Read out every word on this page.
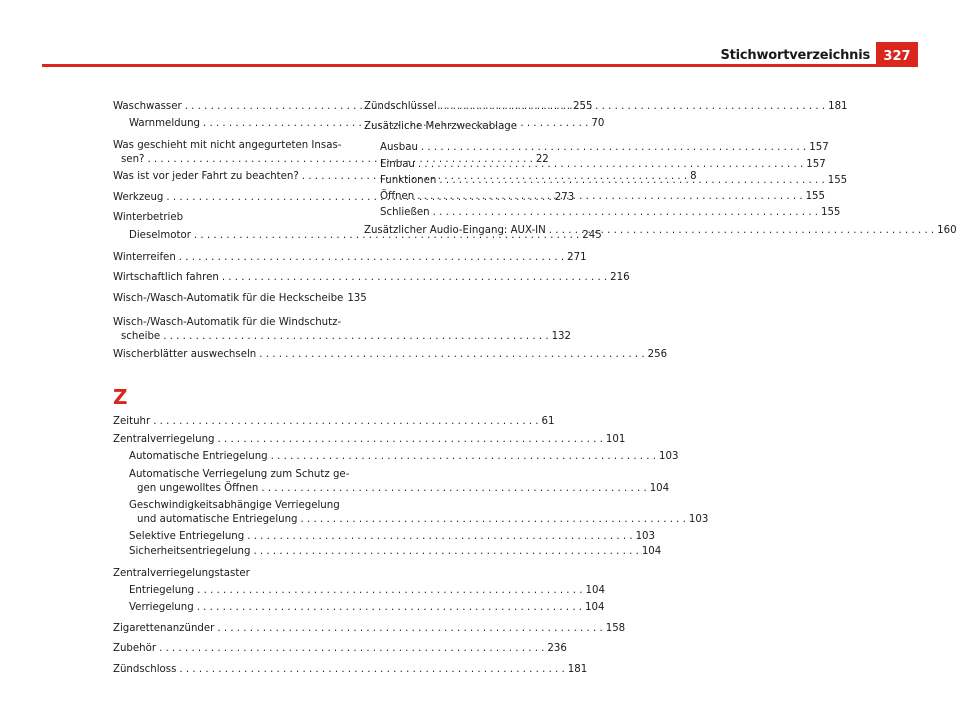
Stichwortverzeichnis	327
Waschwasser . . .	255
Warnmeldung . . .	70
Was geschieht mit nicht angegurteten Insas-
sen? . . .	22
Was ist vor jeder Fahrt zu beachten? . . .	8
Werkzeug . . .	273
Winterbetrieb
Dieselmotor . . .	245
Winterreifen . . .	271
Wirtschaftlich fahren . . .	216
Wisch-/Wasch-Automatik für die Heckscheibe 135
Wisch-/Wasch-Automatik für die Windschutz-
scheibe . . .	132
Wischerblätter auswechseln . . .	256
Z
Zeituhr . . .	61
Zentralverriegelung . . .	101
Automatische Entriegelung . . .	103
Automatische Verriegelung zum Schutz ge-
gen ungewolltes Öffnen . . .	104
Geschwindigkeitsabhängige Verriegelung
und automatische Entriegelung . . .	103
Selektive Entriegelung . . .	103
Sicherheitsentriegelung . . .	104
Zentralverriegelungstaster
Entriegelung . . .	104
Verriegelung . . .	104
Zigarettenanzünder . . .	158
Zubehör . . .	236
Zündschloss . . .	181
Zündschlüssel . . .	181
Zusätzliche Mehrzweckablage
Ausbau . . .	157
Einbau . . .	157
Funktionen . . .	155
Öffnen . . .	155
Schließen . . .	155
Zusätzlicher Audio-Eingang: AUX-IN . . .	160
